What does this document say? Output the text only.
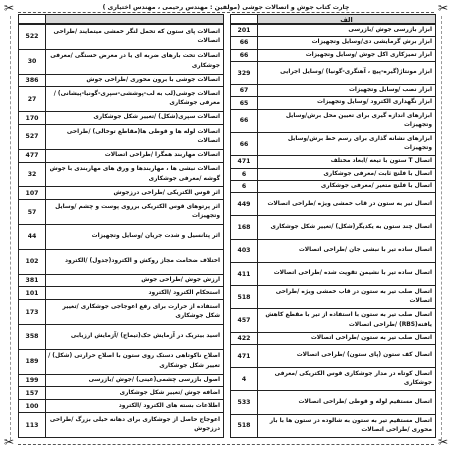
✂	✂
چارت کتاب جوش و اتصالات جوشی (مولفین : مهندس رحیمی ، مهندس اختیاری )
الف
ابزار بازرسی جوش /بازرسی
201
ابزار برش گرمایشی دی/وسایل وتجهیزات
66
ابزار تمیزکاری اکل جوش /وسایل وتجهیزات
66
ابزار مونتاژ(گیره-پیچ ، آهنگری-گونیا) /وسایل اجرایی
329
ابزار نصب /وسایل وتجهیزات
67
ابزار نگهداری الکترود /وسایل وتجهیزات
65
ابزارهای اندازه گیری برای تعیین محل برش/وسایل وتجهیزات
66
ابزارهای نشانه گذاری برای رسم خط برش/وسایل وتجهیزات
66
اتصال T ستون با تیغه /ابعاد مختلف
471
اتصال با فلنچ ثابت /معرفی جوشکاری
6
اتصال با فلنچ متغیر /معرفی جوشکاری
6
اتصال تیر به ستون در قاب خمشی ویژه /طراحی اتصالات
449
اتصال چند ستون به یکدیگر(شکل) /تغییر شکل جوشکاری
168
اتصال ساده تیر با نبشی جان /طراحی اتصالات
403
اتصال ساده تیر با نشیمن تقویت شده /طراحی اتصالات
411
اتصال صلب تیر به ستون در قاب خمشی ویژه /طراحی اتصالات
518
اتصال صلب تیر به ستون با استفاده از تیر با مقطع کاهش یافته(RBS) /طراحی اتصالات
457
اتصال صلب تیر به ستون /طراحی اتصالات
422
اتصال کف ستون (پای ستون) /طراحی اتصالات
471
اتصال کوتاه در مدار جوشکاری قوس الکتریکی /معرفی جوشکاری
4
اتصال مستقیم لوله و قوطی /طراحی اتصالات
533
اتصال مستقیم تیر به ستون به شالوده در ستون ها با بار محوری /طراحی اتصالات
518
اتصالات پای ستون که تحمل لنگر خمشی میتمایند /طراحی اتصالات
522
اتصالات تحت بارهای ضربه ای یا در معرض خستگی /معرفی جوشکاری
30
اتصالات جوشی با برون محوری /طراحی جوش
386
اتصالات جوشی(لب به لب-پوششی-سپری-گونیا-پیشانی) /معرفی جوشکاری
27
اتصالات سپری(شکل) /تغییر شکل جوشکاری
170
اتصالات لوله ها و قوطی ها(مقاطع توخالی) /طراحی اتصالات
527
اتصالات مهاربند همگرا /طراحی اتصالات
477
اتصالات نبشی ها ، مهاربندها و ورق های مهاربندی با جوش گوشه /معرفی جوشکاری
32
اثر قوس الکتریکی /طراحی درزجوش
107
اثر پرتوهای قوس الکتریکی برروی پوست و چشم /وسایل وتجهیزات
57
اثر پتانسیل و شدت جریان /وسایل وتجهیزات
44
اختلاف ضخامت مجاز روکش و الکترود(جدول) /الکترود
102
ارزش جوش /طراحی جوش
381
استحکام الکترود /الکترود
101
استفاده از حرارت برای رفع اعوجاجی جوشکاری /تغییر شکل جوشکاری
173
اسید بیتریک در آزمایش حک(تیماج) /آزمایش ارزیابی
358
اصلاح ناکوتاهی دستک روی ستون با اصلاح حرارتی (شکل) /تغییر شکل جوشکاری
189
اصول بازرسی چشمی(عینی) /جوش /بازرسی
199
اضافه جوش /تغییر شکل جوشکاری
157
اطلاعات بسته های الکترود /الکترود
100
اعوجاج حاصل از جوشکاری برای دهانه خیلی بزرگ /طراحی درزجوش
113
✂	✂
